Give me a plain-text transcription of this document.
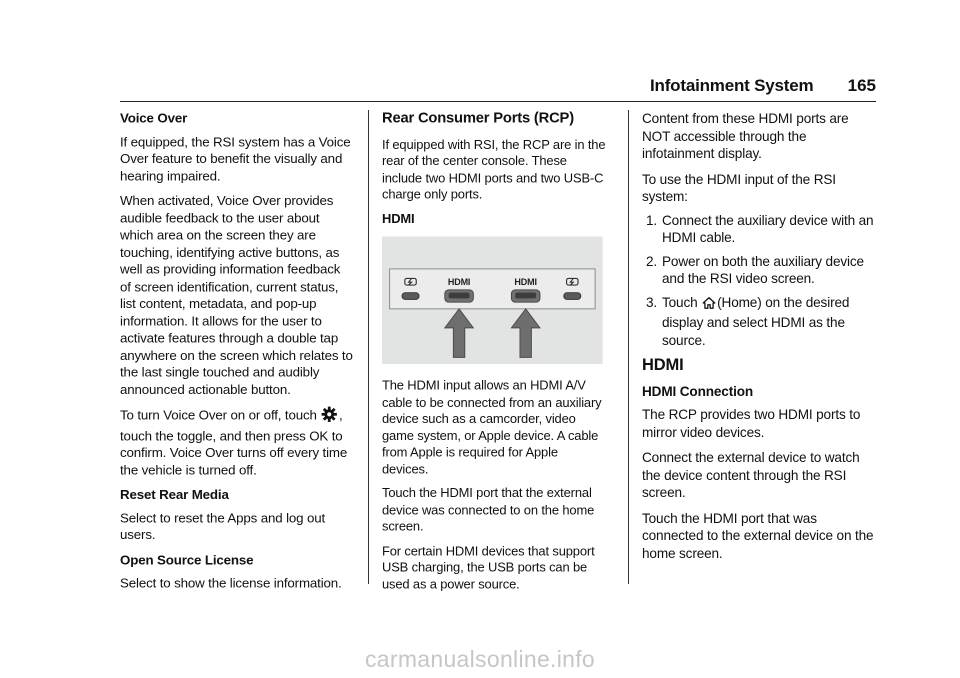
Infotainment System 165

Voice Over

If equipped, the RSI system has a Voice Over feature to benefit the visually and hearing impaired.

When activated, Voice Over provides audible feedback to the user about which area on the screen they are touching, identifying active buttons, as well as providing information feedback of screen identification, current status, list content, metadata, and pop-up information. It allows for the user to activate features through a double tap anywhere on the screen which relates to the last single touched and audibly announced actionable button.

To turn Voice Over on or off, touch , touch the toggle, and then press OK to confirm. Voice Over turns off every time the vehicle is turned off.

Reset Rear Media

Select to reset the Apps and log out users.

Open Source License

Select to show the license information.

Rear Consumer Ports (RCP)

If equipped with RSI, the RCP are in the rear of the center console. These include two HDMI ports and two USB-C charge only ports.

HDMI

HDMI	HDMI

The HDMI input allows an HDMI A/V cable to be connected from an auxiliary device such as a camcorder, video game system, or Apple device. A cable from Apple is required for Apple devices.

Touch the HDMI port that the external device was connected to on the home screen.

For certain HDMI devices that support USB charging, the USB ports can be used as a power source.

Content from these HDMI ports are NOT accessible through the infotainment display.

To use the HDMI input of the RSI system:

1. Connect the auxiliary device with an HDMI cable.
2. Power on both the auxiliary device and the RSI video screen.
3. Touch (Home) on the desired display and select HDMI as the source.
HDMI

HDMI Connection

The RCP provides two HDMI ports to mirror video devices.

Connect the external device to watch the device content through the RSI screen.

Touch the HDMI port that was connected to the external device on the home screen.

carmanualsonline.info
